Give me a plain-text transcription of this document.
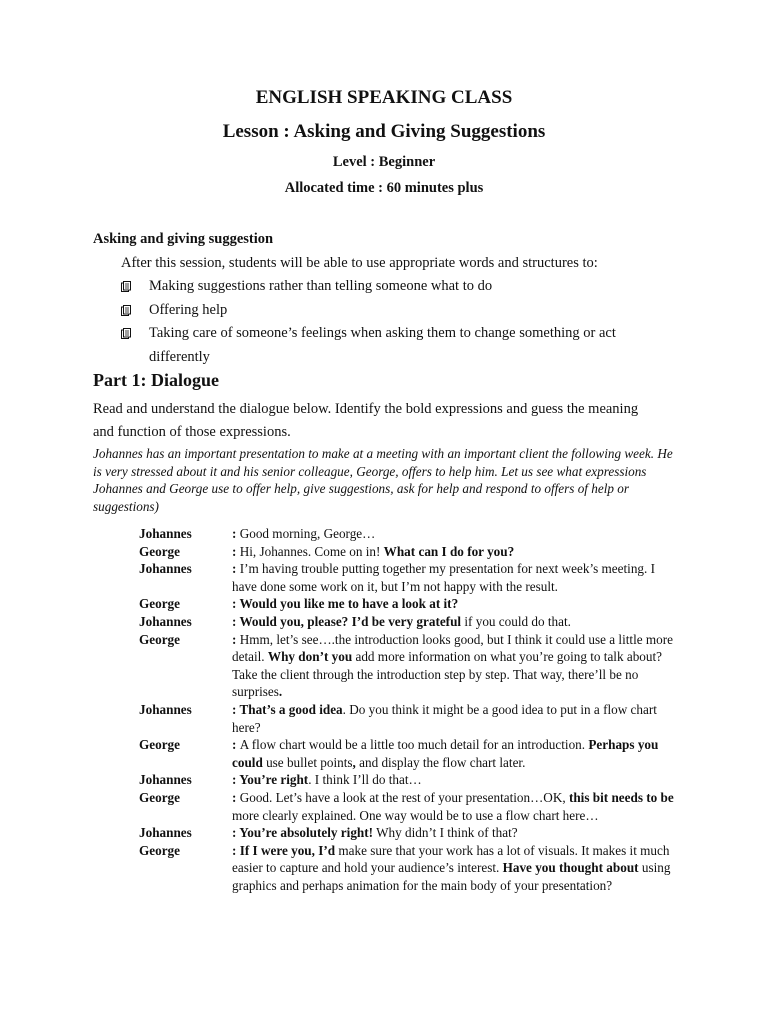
ENGLISH SPEAKING CLASS
Lesson : Asking and Giving Suggestions
Level : Beginner
Allocated time : 60 minutes plus
Asking and giving suggestion
After this session, students will be able to use appropriate words and structures to:
Making suggestions rather than telling someone what to do
Offering help
Taking care of someone’s feelings when asking them to change something or act differently
Part 1: Dialogue
Read and understand the dialogue below. Identify the bold expressions and guess the meaning and function of those expressions.
Johannes has an important presentation to make at a meeting with an important client the following week. He is very stressed about it and his senior colleague, George, offers to help him. Let us see what expressions Johannes and George use to offer help, give suggestions, ask for help and respond to offers of help or suggestions)
Johannes	: Good morning, George…
George	: Hi, Johannes. Come on in! What can I do for you?
Johannes	: I’m having trouble putting together my presentation for next week’s meeting. I have done some work on it, but I’m not happy with the result.
George	: Would you like me to have a look at it?
Johannes	: Would you, please? I’d be very grateful if you could do that.
George	: Hmm, let’s see….the introduction looks good, but I think it could use a little more detail. Why don’t you add more information on what you’re going to talk about? Take the client through the introduction step by step. That way, there’ll be no surprises.
Johannes	: That’s a good idea. Do you think it might be a good idea to put in a flow chart here?
George	: A flow chart would be a little too much detail for an introduction. Perhaps you could use bullet points, and display the flow chart later.
Johannes	: You’re right. I think I’ll do that…
George	: Good. Let’s have a look at the rest of your presentation…OK, this bit needs to be more clearly explained. One way would be to use a flow chart here…
Johannes	: You’re absolutely right! Why didn’t I think of that?
George	: If I were you, I’d make sure that your work has a lot of visuals. It makes it much easier to capture and hold your audience’s interest. Have you thought about using graphics and perhaps animation for the main body of your presentation?
